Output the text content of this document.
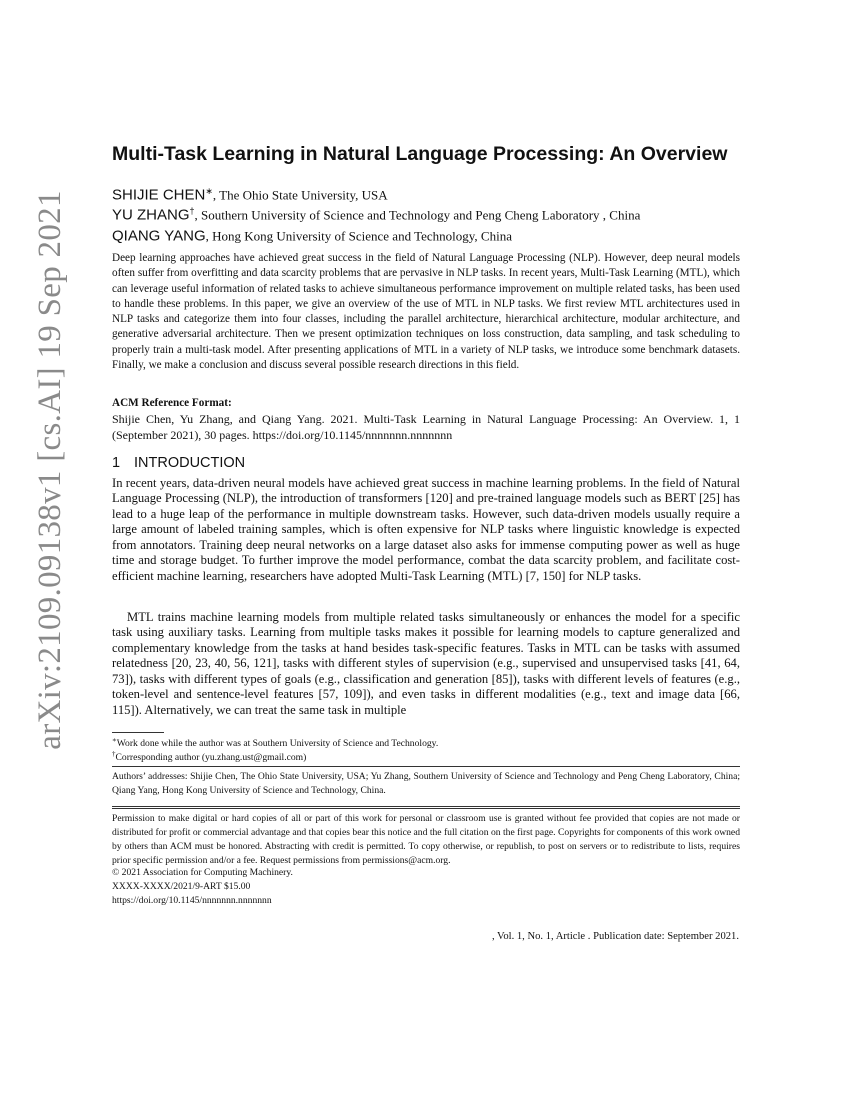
arXiv:2109.09138v1 [cs.AI] 19 Sep 2021
Multi-Task Learning in Natural Language Processing: An Overview
SHIJIE CHEN∗, The Ohio State University, USA
YU ZHANG†, Southern University of Science and Technology and Peng Cheng Laboratory , China
QIANG YANG, Hong Kong University of Science and Technology, China
Deep learning approaches have achieved great success in the field of Natural Language Processing (NLP). However, deep neural models often suffer from overfitting and data scarcity problems that are pervasive in NLP tasks. In recent years, Multi-Task Learning (MTL), which can leverage useful information of related tasks to achieve simultaneous performance improvement on multiple related tasks, has been used to handle these problems. In this paper, we give an overview of the use of MTL in NLP tasks. We first review MTL architectures used in NLP tasks and categorize them into four classes, including the parallel architecture, hierarchical architecture, modular architecture, and generative adversarial architecture. Then we present optimization techniques on loss construction, data sampling, and task scheduling to properly train a multi-task model. After presenting applications of MTL in a variety of NLP tasks, we introduce some benchmark datasets. Finally, we make a conclusion and discuss several possible research directions in this field.
ACM Reference Format:
Shijie Chen, Yu Zhang, and Qiang Yang. 2021. Multi-Task Learning in Natural Language Processing: An Overview. 1, 1 (September 2021), 30 pages. https://doi.org/10.1145/nnnnnnn.nnnnnnn
1 INTRODUCTION
In recent years, data-driven neural models have achieved great success in machine learning problems. In the field of Natural Language Processing (NLP), the introduction of transformers [120] and pre-trained language models such as BERT [25] has lead to a huge leap of the performance in multiple downstream tasks. However, such data-driven models usually require a large amount of labeled training samples, which is often expensive for NLP tasks where linguistic knowledge is expected from annotators. Training deep neural networks on a large dataset also asks for immense computing power as well as huge time and storage budget. To further improve the model performance, combat the data scarcity problem, and facilitate cost-efficient machine learning, researchers have adopted Multi-Task Learning (MTL) [7, 150] for NLP tasks.
MTL trains machine learning models from multiple related tasks simultaneously or enhances the model for a specific task using auxiliary tasks. Learning from multiple tasks makes it possible for learning models to capture generalized and complementary knowledge from the tasks at hand besides task-specific features. Tasks in MTL can be tasks with assumed relatedness [20, 23, 40, 56, 121], tasks with different styles of supervision (e.g., supervised and unsupervised tasks [41, 64, 73]), tasks with different types of goals (e.g., classification and generation [85]), tasks with different levels of features (e.g., token-level and sentence-level features [57, 109]), and even tasks in different modalities (e.g., text and image data [66, 115]). Alternatively, we can treat the same task in multiple
∗Work done while the author was at Southern University of Science and Technology.
†Corresponding author (yu.zhang.ust@gmail.com)
Authors’ addresses: Shijie Chen, The Ohio State University, USA; Yu Zhang, Southern University of Science and Technology and Peng Cheng Laboratory, China; Qiang Yang, Hong Kong University of Science and Technology, China.
Permission to make digital or hard copies of all or part of this work for personal or classroom use is granted without fee provided that copies are not made or distributed for profit or commercial advantage and that copies bear this notice and the full citation on the first page. Copyrights for components of this work owned by others than ACM must be honored. Abstracting with credit is permitted. To copy otherwise, or republish, to post on servers or to redistribute to lists, requires prior specific permission and/or a fee. Request permissions from permissions@acm.org.
© 2021 Association for Computing Machinery.
XXXX-XXXX/2021/9-ART $15.00
https://doi.org/10.1145/nnnnnnn.nnnnnnn
, Vol. 1, No. 1, Article . Publication date: September 2021.
